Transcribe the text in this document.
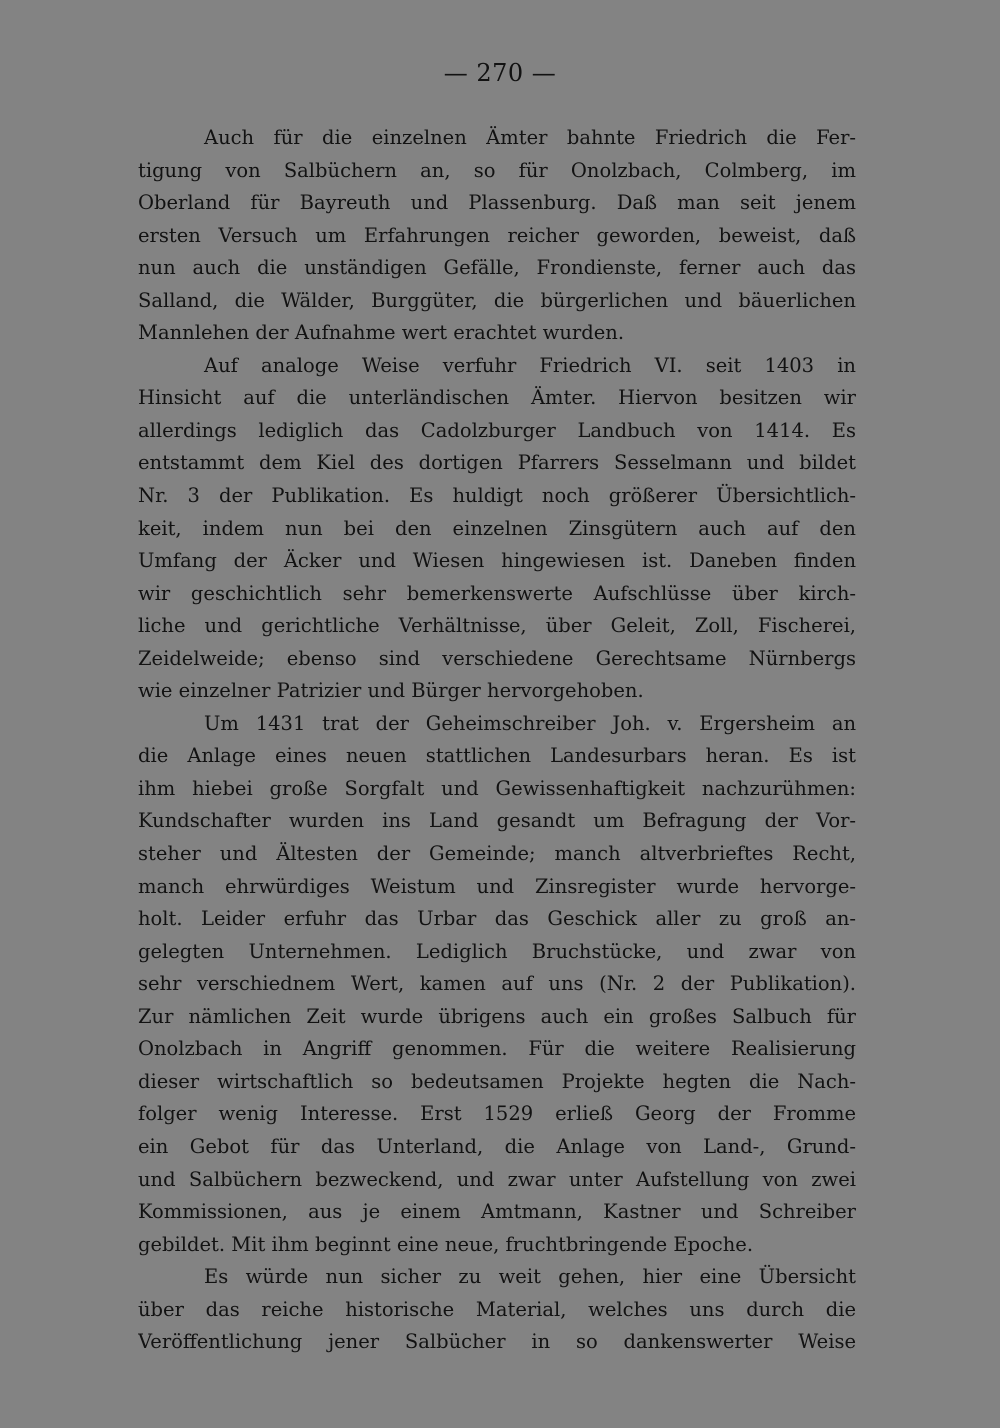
— 270 —
Auch für die einzelnen Ämter bahnte Friedrich die Fer-
tigung von Salbüchern an, so für Onolzbach, Colmberg, im
Oberland für Bayreuth und Plassenburg. Daß man seit jenem
ersten Versuch um Erfahrungen reicher geworden, beweist, daß
nun auch die unständigen Gefälle, Frondienste, ferner auch das
Salland, die Wälder, Burggüter, die bürgerlichen und bäuerlichen
Mannlehen der Aufnahme wert erachtet wurden.
Auf analoge Weise verfuhr Friedrich VI. seit 1403 in
Hinsicht auf die unterländischen Ämter. Hiervon besitzen wir
allerdings lediglich das Cadolzburger Landbuch von 1414. Es
entstammt dem Kiel des dortigen Pfarrers Sesselmann und bildet
Nr. 3 der Publikation. Es huldigt noch größerer Übersichtlich-
keit, indem nun bei den einzelnen Zinsgütern auch auf den
Umfang der Äcker und Wiesen hingewiesen ist. Daneben finden
wir geschichtlich sehr bemerkenswerte Aufschlüsse über kirch-
liche und gerichtliche Verhältnisse, über Geleit, Zoll, Fischerei,
Zeidelweide; ebenso sind verschiedene Gerechtsame Nürnbergs
wie einzelner Patrizier und Bürger hervorgehoben.
Um 1431 trat der Geheimschreiber Joh. v. Ergersheim an
die Anlage eines neuen stattlichen Landesurbars heran. Es ist
ihm hiebei große Sorgfalt und Gewissenhaftigkeit nachzurühmen:
Kundschafter wurden ins Land gesandt um Befragung der Vor-
steher und Ältesten der Gemeinde; manch altverbrieftes Recht,
manch ehrwürdiges Weistum und Zinsregister wurde hervorge-
holt. Leider erfuhr das Urbar das Geschick aller zu groß an-
gelegten Unternehmen. Lediglich Bruchstücke, und zwar von
sehr verschiednem Wert, kamen auf uns (Nr. 2 der Publikation).
Zur nämlichen Zeit wurde übrigens auch ein großes Salbuch für
Onolzbach in Angriff genommen. Für die weitere Realisierung
dieser wirtschaftlich so bedeutsamen Projekte hegten die Nach-
folger wenig Interesse. Erst 1529 erließ Georg der Fromme
ein Gebot für das Unterland, die Anlage von Land-, Grund-
und Salbüchern bezweckend, und zwar unter Aufstellung von zwei
Kommissionen, aus je einem Amtmann, Kastner und Schreiber
gebildet. Mit ihm beginnt eine neue, fruchtbringende Epoche.
Es würde nun sicher zu weit gehen, hier eine Übersicht
über das reiche historische Material, welches uns durch die
Veröffentlichung jener Salbücher in so dankenswerter Weise
